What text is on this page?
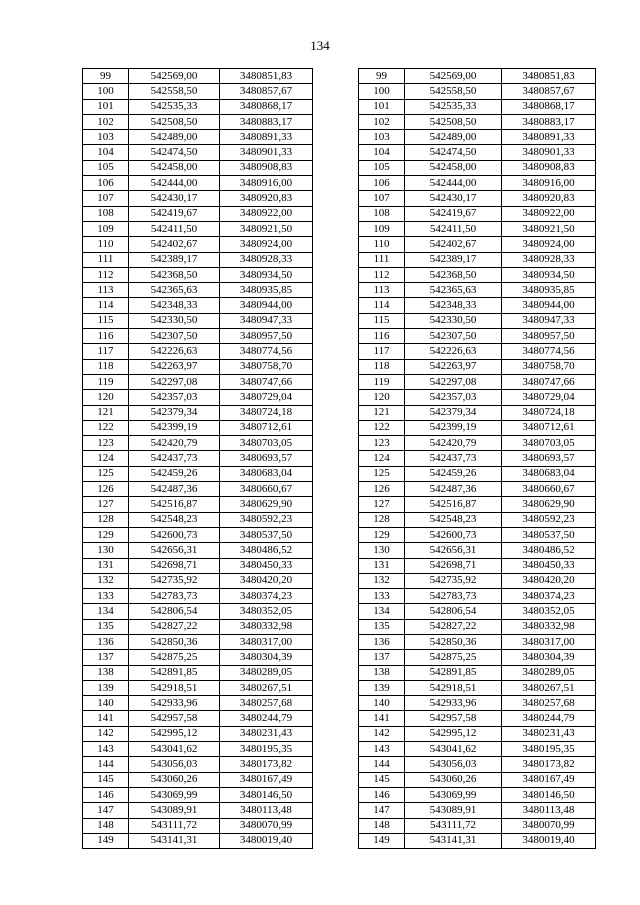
134
99	542569,00	3480851,83
100	542558,50	3480857,67
101	542535,33	3480868,17
102	542508,50	3480883,17
103	542489,00	3480891,33
104	542474,50	3480901,33
105	542458,00	3480908,83
106	542444,00	3480916,00
107	542430,17	3480920,83
108	542419,67	3480922,00
109	542411,50	3480921,50
110	542402,67	3480924,00
111	542389,17	3480928,33
112	542368,50	3480934,50
113	542365,63	3480935,85
114	542348,33	3480944,00
115	542330,50	3480947,33
116	542307,50	3480957,50
117	542226,63	3480774,56
118	542263,97	3480758,70
119	542297,08	3480747,66
120	542357,03	3480729,04
121	542379,34	3480724,18
122	542399,19	3480712,61
123	542420,79	3480703,05
124	542437,73	3480693,57
125	542459,26	3480683,04
126	542487,36	3480660,67
127	542516,87	3480629,90
128	542548,23	3480592,23
129	542600,73	3480537,50
130	542656,31	3480486,52
131	542698,71	3480450,33
132	542735,92	3480420,20
133	542783,73	3480374,23
134	542806,54	3480352,05
135	542827,22	3480332,98
136	542850,36	3480317,00
137	542875,25	3480304,39
138	542891,85	3480289,05
139	542918,51	3480267,51
140	542933,96	3480257,68
141	542957,58	3480244,79
142	542995,12	3480231,43
143	543041,62	3480195,35
144	543056,03	3480173,82
145	543060,26	3480167,49
146	543069,99	3480146,50
147	543089,91	3480113,48
148	543111,72	3480070,99
149	543141,31	3480019,40
99	542569,00	3480851,83
100	542558,50	3480857,67
101	542535,33	3480868,17
102	542508,50	3480883,17
103	542489,00	3480891,33
104	542474,50	3480901,33
105	542458,00	3480908,83
106	542444,00	3480916,00
107	542430,17	3480920,83
108	542419,67	3480922,00
109	542411,50	3480921,50
110	542402,67	3480924,00
111	542389,17	3480928,33
112	542368,50	3480934,50
113	542365,63	3480935,85
114	542348,33	3480944,00
115	542330,50	3480947,33
116	542307,50	3480957,50
117	542226,63	3480774,56
118	542263,97	3480758,70
119	542297,08	3480747,66
120	542357,03	3480729,04
121	542379,34	3480724,18
122	542399,19	3480712,61
123	542420,79	3480703,05
124	542437,73	3480693,57
125	542459,26	3480683,04
126	542487,36	3480660,67
127	542516,87	3480629,90
128	542548,23	3480592,23
129	542600,73	3480537,50
130	542656,31	3480486,52
131	542698,71	3480450,33
132	542735,92	3480420,20
133	542783,73	3480374,23
134	542806,54	3480352,05
135	542827,22	3480332,98
136	542850,36	3480317,00
137	542875,25	3480304,39
138	542891,85	3480289,05
139	542918,51	3480267,51
140	542933,96	3480257,68
141	542957,58	3480244,79
142	542995,12	3480231,43
143	543041,62	3480195,35
144	543056,03	3480173,82
145	543060,26	3480167,49
146	543069,99	3480146,50
147	543089,91	3480113,48
148	543111,72	3480070,99
149	543141,31	3480019,40
